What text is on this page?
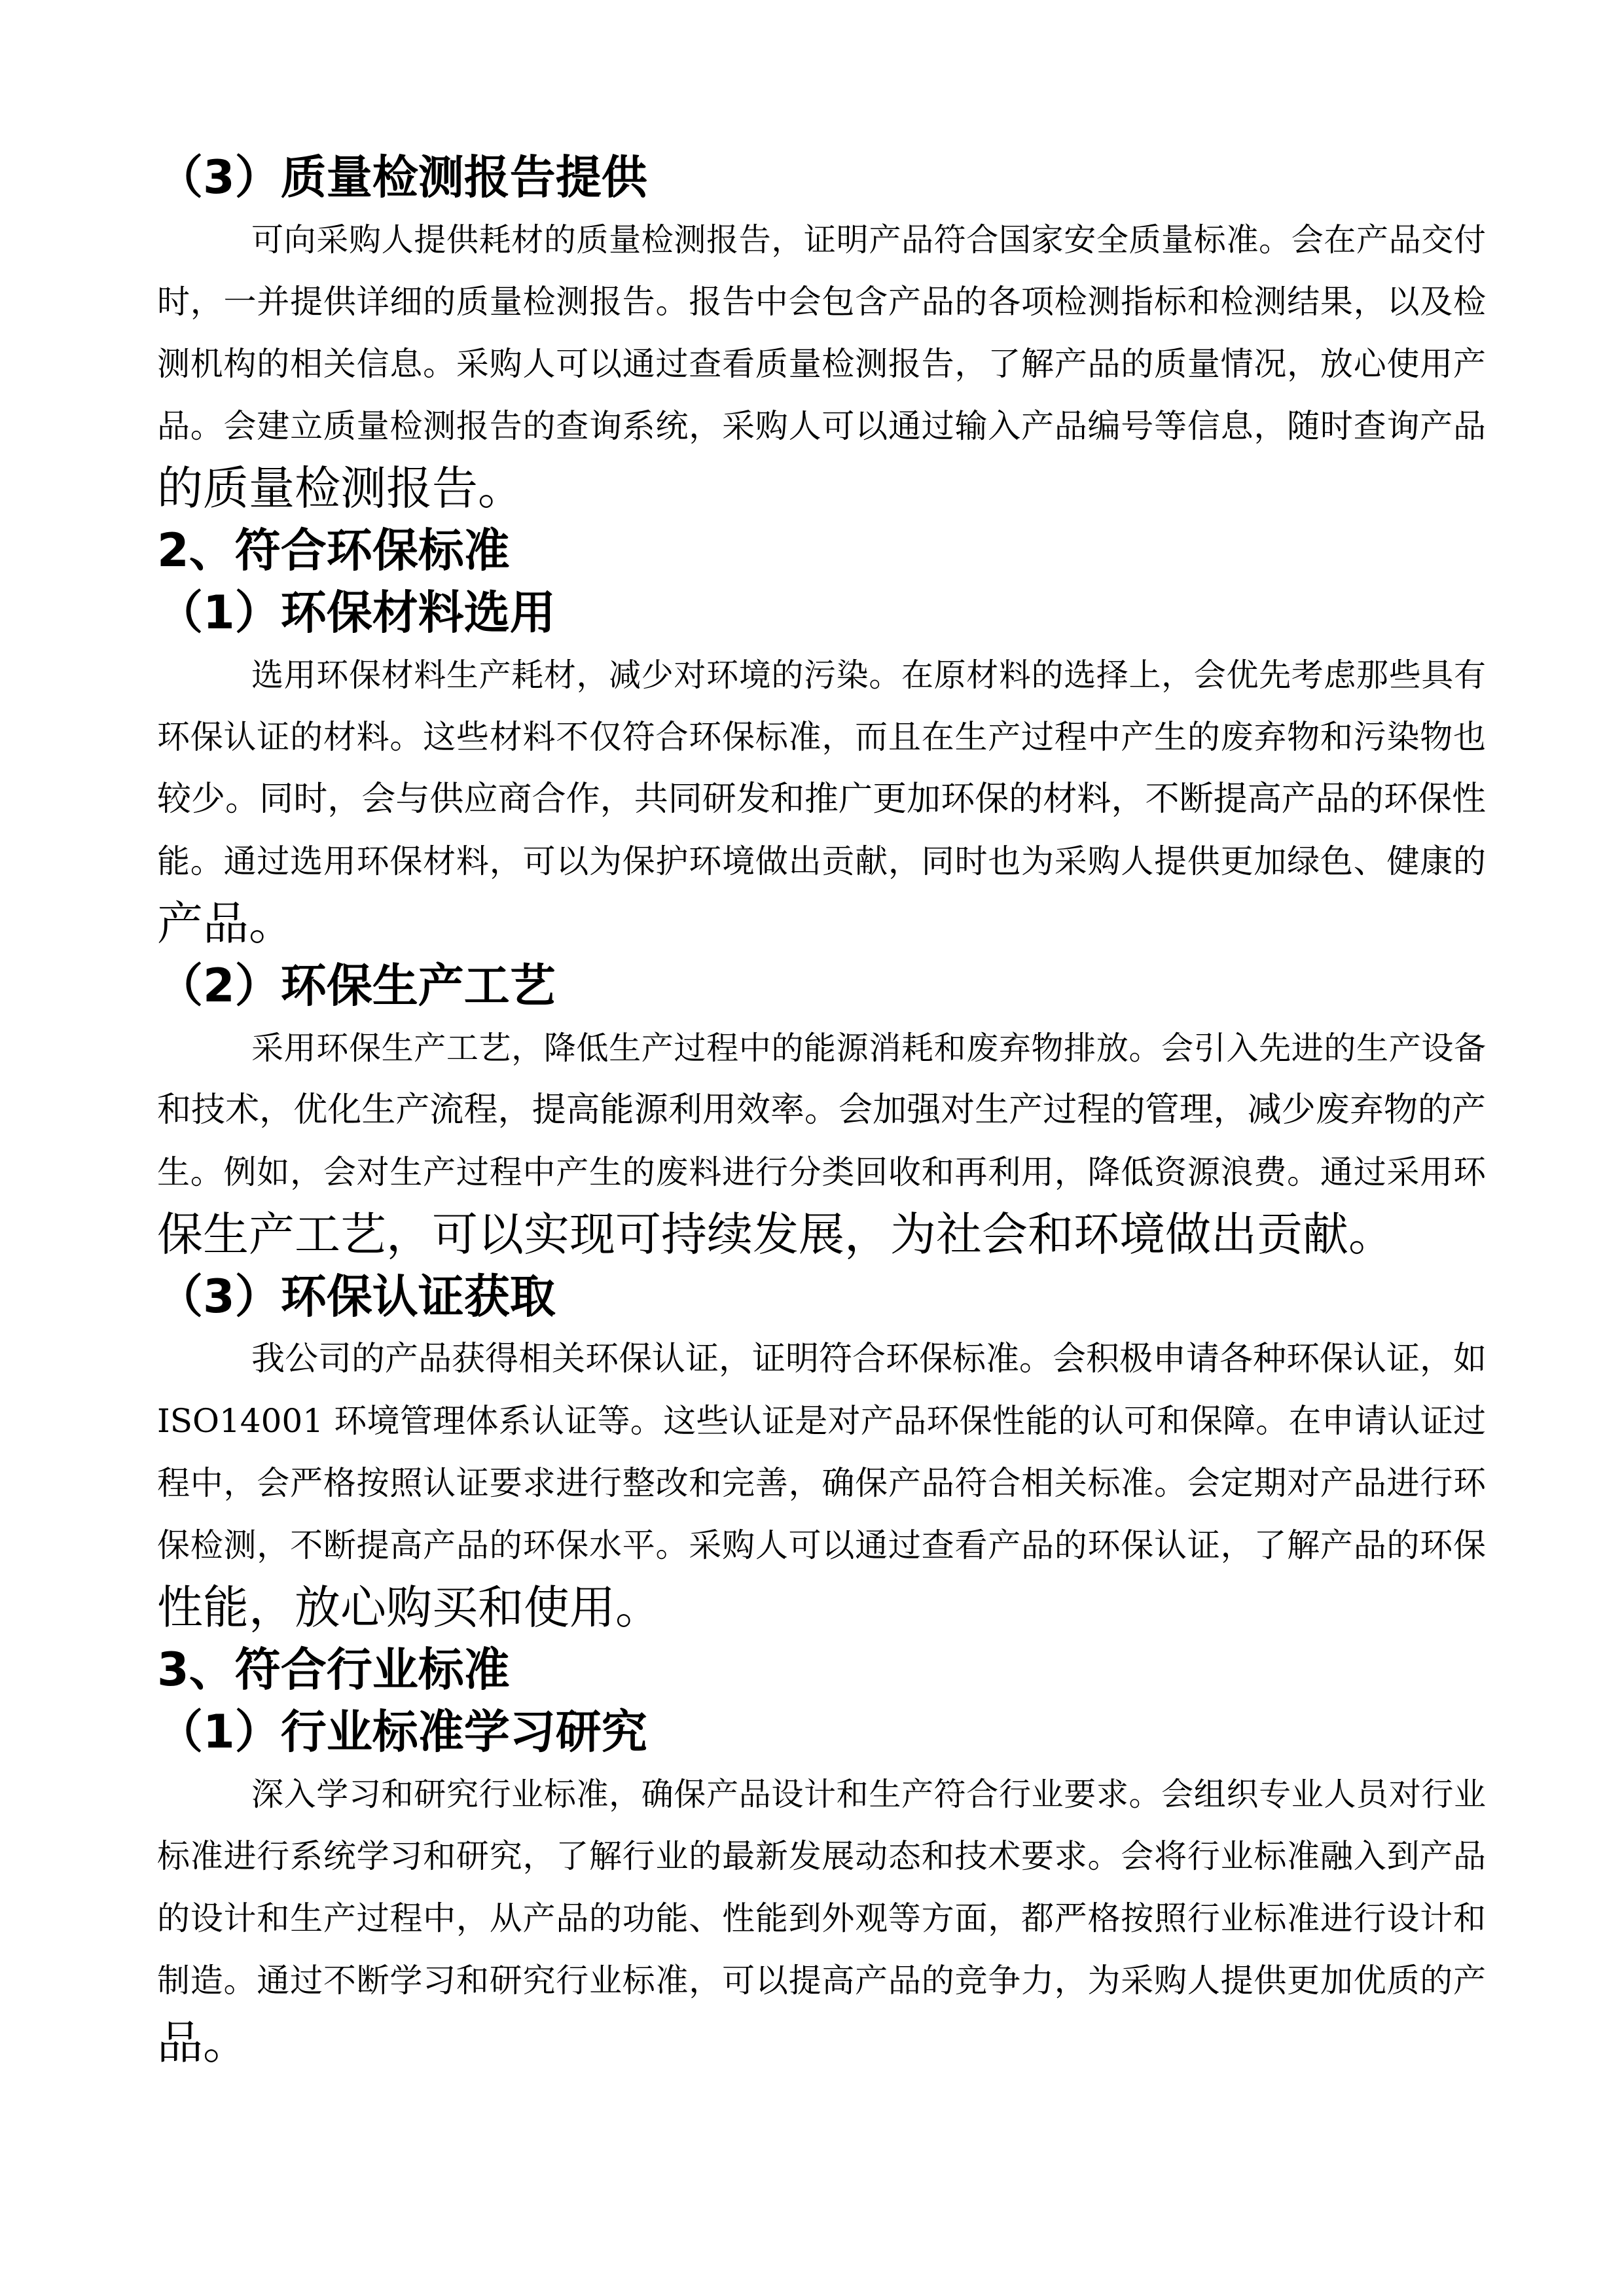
（3）质量检测报告提供
可向采购人提供耗材的质量检测报告，证明产品符合国家安全质量标准。会在产品交付
时，一并提供详细的质量检测报告。报告中会包含产品的各项检测指标和检测结果，以及检
测机构的相关信息。采购人可以通过查看质量检测报告，了解产品的质量情况，放心使用产
品。会建立质量检测报告的查询系统，采购人可以通过输入产品编号等信息，随时查询产品
的质量检测报告。
2、符合环保标准
（1）环保材料选用
选用环保材料生产耗材，减少对环境的污染。在原材料的选择上，会优先考虑那些具有
环保认证的材料。这些材料不仅符合环保标准，而且在生产过程中产生的废弃物和污染物也
较少。同时，会与供应商合作，共同研发和推广更加环保的材料，不断提高产品的环保性
能。通过选用环保材料，可以为保护环境做出贡献，同时也为采购人提供更加绿色、健康的
产品。
（2）环保生产工艺
采用环保生产工艺，降低生产过程中的能源消耗和废弃物排放。会引入先进的生产设备
和技术，优化生产流程，提高能源利用效率。会加强对生产过程的管理，减少废弃物的产
生。例如，会对生产过程中产生的废料进行分类回收和再利用，降低资源浪费。通过采用环
保生产工艺，可以实现可持续发展，为社会和环境做出贡献。
（3）环保认证获取
我公司的产品获得相关环保认证，证明符合环保标准。会积极申请各种环保认证，如
ISO14001 环境管理体系认证等。这些认证是对产品环保性能的认可和保障。在申请认证过
程中，会严格按照认证要求进行整改和完善，确保产品符合相关标准。会定期对产品进行环
保检测，不断提高产品的环保水平。采购人可以通过查看产品的环保认证，了解产品的环保
性能，放心购买和使用。
3、符合行业标准
（1）行业标准学习研究
深入学习和研究行业标准，确保产品设计和生产符合行业要求。会组织专业人员对行业
标准进行系统学习和研究，了解行业的最新发展动态和技术要求。会将行业标准融入到产品
的设计和生产过程中，从产品的功能、性能到外观等方面，都严格按照行业标准进行设计和
制造。通过不断学习和研究行业标准，可以提高产品的竞争力，为采购人提供更加优质的产
品。
